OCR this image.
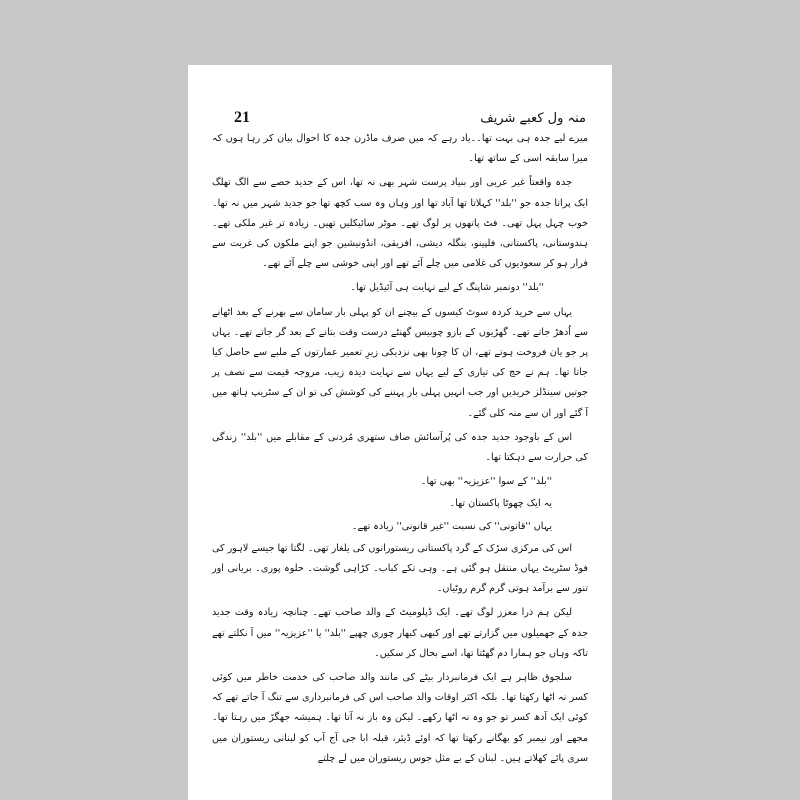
21	منہ ول کعبے شریف

میرے لیے جدہ ہی بہت تھا۔۔یاد رہے کہ میں صرف ماڈرن جدہ کا احوال بیان کر رہا ہوں کہ میرا سابقہ اسی کے ساتھ تھا۔

جدہ واقعتاً غیر عربی اور بنیاد پرست شہر بھی نہ تھا، اس کے جدید حصے سے الگ تھلگ ایک پرانا جدہ جو ''بلد'' کہلاتا تھا آباد تھا اور وہاں وہ سب کچھ تھا جو جدید شہر میں نہ تھا۔ خوب چہل پہل تھی۔ فٹ پاتھوں پر لوگ تھے۔ موٹر سائیکلیں تھیں۔ زیادہ تر غیر ملکی تھے۔ ہندوستانی، پاکستانی، فلپینو، بنگلہ دیشی، افریقی، انڈونیشین جو اپنے ملکوں کی غربت سے فرار ہو کر سعودیوں کی غلامی میں چلے آئے تھے اور اپنی خوشی سے چلے آئے تھے۔

''بلد'' دونمبر شاپنگ کے لیے نہایت ہی آئیڈیل تھا۔

یہاں سے خرید کردہ سوٹ کیسوں کے بیچنے ان کو پہلی بار سامان سے بھرنے کے بعد اٹھانے سے اُدھڑ جاتے تھے۔ گھڑیوں کے بازو چوبیس گھنٹے درست وقت بتانے کے بعد گر جاتے تھے۔ یہاں پر جو یان فروخت ہوتے تھے، ان کا چونا بھی نزدیکی زیرِ تعمیر عمارتوں کے ملبے سے حاصل کیا جاتا تھا۔ ہم نے حج کی تیاری کے لیے یہاں سے نہایت دیدہ زیب، مروجہ قیمت سے نصف پر جوتیں سینڈلز خریدیں اور جب انہیں پہلی بار پہننے کی کوشش کی تو ان کے سٹریپ ہاتھ میں آ گئے اور ان سے منہ کلی گئے۔

اس کے باوجود جدید جدہ کی پُرآسائش صاف ستھری مُردنی کے مقابلے میں ''بلد'' زندگی کی حرارت سے دہکتا تھا۔

''بلد'' کے سوا ''عزیزیہ'' بھی تھا۔

یہ ایک چھوٹا پاکستان تھا۔

یہاں ''قانونی'' کی نسبت ''غیر قانونی'' زیادہ تھے۔

اس کی مرکزی سڑک کے گرد پاکستانی ریستورانوں کی یلغار تھی۔ لگتا تھا جیسے لاہور کی فوڈ سٹریٹ یہاں منتقل ہو گئی ہے۔ وہی تکے کباب۔ کڑاہی گوشت۔ حلوہ پوری۔ بریانی اور تنور سے برآمد ہوتی گرم گرم روٹیاں۔

لیکن ہم ذرا معزز لوگ تھے۔ ایک ڈپلومیٹ کے والد صاحب تھے۔ چنانچہ زیادہ وقت جدید جدہ کے جھمیلوں میں گزارتے تھے اور کبھی کبھار چوری چھپے ''بلد'' یا ''عزیزیہ'' میں آ نکلتے تھے تاکہ وہاں جو ہمارا دم گھٹتا تھا، اسے بحال کر سکیں۔

سلجوق ظاہر ہے ایک فرمانبردار بیٹے کی مانند والد صاحب کی خدمت خاطر میں کوئی کسر نہ اٹھا رکھتا تھا۔ بلکہ اکثر اوقات والد صاحب اس کی فرمانبرداری سے تنگ آ جاتے تھے کہ کوئی ایک آدھ کسر تو جو وہ نہ اٹھا رکھے۔ لیکن وہ باز نہ آتا تھا۔ ہمیشہ جھگڑ میں رہتا تھا۔ مجھے اور نیمبر کو بھگانے رکھتا تھا کہ اوئے ڈیئر، قبلہ ابا جی آج آپ کو لبنانی ریستوران میں سری پائے کھلاتے ہیں۔ لبنان کے بے مثل جوس ریستوران میں لے چلتے
